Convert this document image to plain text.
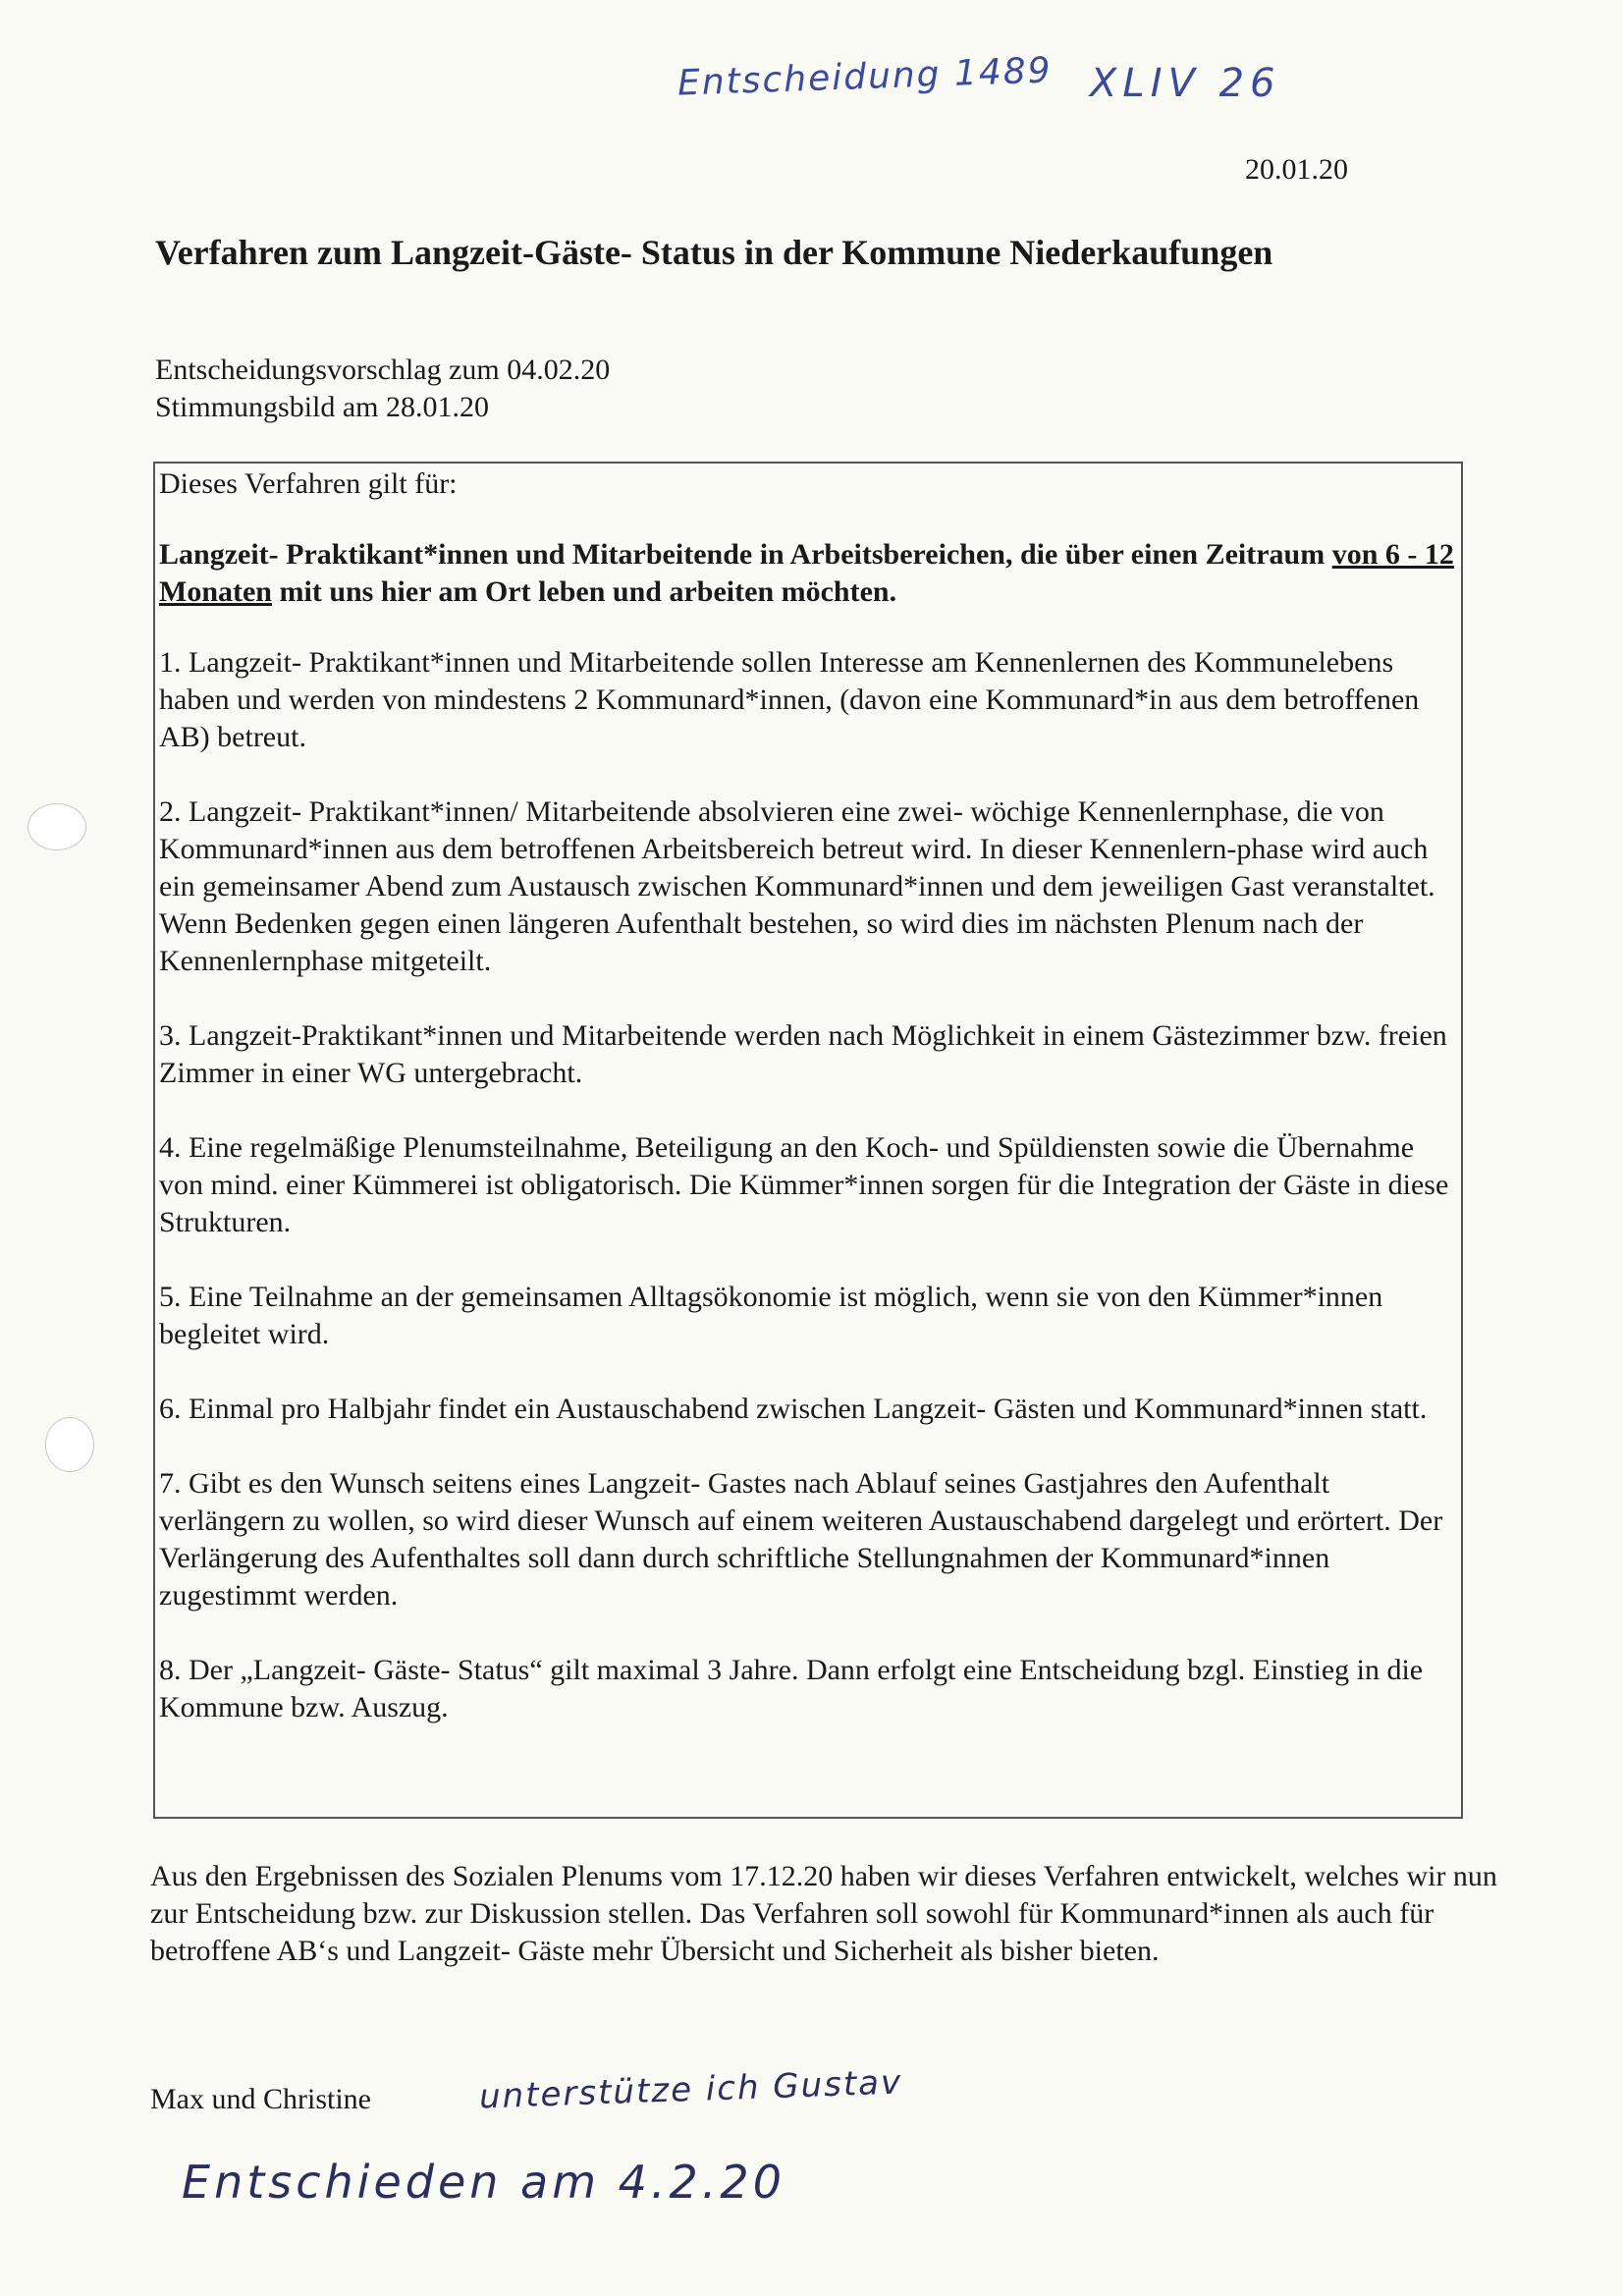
Entscheidung 1489 XLIV 26
20.01.20
Verfahren zum Langzeit-Gäste- Status in der Kommune Niederkaufungen
Entscheidungsvorschlag zum 04.02.20
Stimmungsbild am 28.01.20
Dieses Verfahren gilt für:
Langzeit- Praktikant*innen und Mitarbeitende in Arbeitsbereichen, die über einen Zeitraum von 6 - 12 Monaten mit uns hier am Ort leben und arbeiten möchten.
1. Langzeit- Praktikant*innen und Mitarbeitende sollen Interesse am Kennenlernen des Kommunelebens haben und werden von mindestens 2 Kommunard*innen, (davon eine Kommunard*in aus dem betroffenen AB) betreut.
2. Langzeit- Praktikant*innen/ Mitarbeitende absolvieren eine zwei- wöchige Kennenlernphase, die von Kommunard*innen aus dem betroffenen Arbeitsbereich betreut wird. In dieser Kennenlern-phase wird auch ein gemeinsamer Abend zum Austausch zwischen Kommunard*innen und dem jeweiligen Gast veranstaltet.
Wenn Bedenken gegen einen längeren Aufenthalt bestehen, so wird dies im nächsten Plenum nach der Kennenlernphase mitgeteilt.
3. Langzeit-Praktikant*innen und Mitarbeitende werden nach Möglichkeit in einem Gästezimmer bzw. freien Zimmer in einer WG untergebracht.
4. Eine regelmäßige Plenumsteilnahme, Beteiligung an den Koch- und Spüldiensten sowie die Übernahme von mind. einer Kümmerei ist obligatorisch. Die Kümmer*innen sorgen für die Integration der Gäste in diese Strukturen.
5. Eine Teilnahme an der gemeinsamen Alltagsökonomie ist möglich, wenn sie von den Kümmer*innen begleitet wird.
6. Einmal pro Halbjahr findet ein Austauschabend zwischen Langzeit- Gästen und Kommunard*innen statt.
7. Gibt es den Wunsch seitens eines Langzeit- Gastes nach Ablauf seines Gastjahres den Aufenthalt verlängern zu wollen, so wird dieser Wunsch auf einem weiteren Austauschabend dargelegt und erörtert. Der Verlängerung des Aufenthaltes soll dann durch schriftliche Stellungnahmen der Kommunard*innen zugestimmt werden.
8. Der „Langzeit- Gäste- Status“ gilt maximal 3 Jahre. Dann erfolgt eine Entscheidung bzgl. Einstieg in die Kommune bzw. Auszug.
Aus den Ergebnissen des Sozialen Plenums vom 17.12.20 haben wir dieses Verfahren entwickelt, welches wir nun zur Entscheidung bzw. zur Diskussion stellen. Das Verfahren soll sowohl für Kommunard*innen als auch für betroffene AB‘s und Langzeit- Gäste mehr Übersicht und Sicherheit als bisher bieten.
Max und Christine	unterstütze ich Gustav
Entschieden am 4.2.20
